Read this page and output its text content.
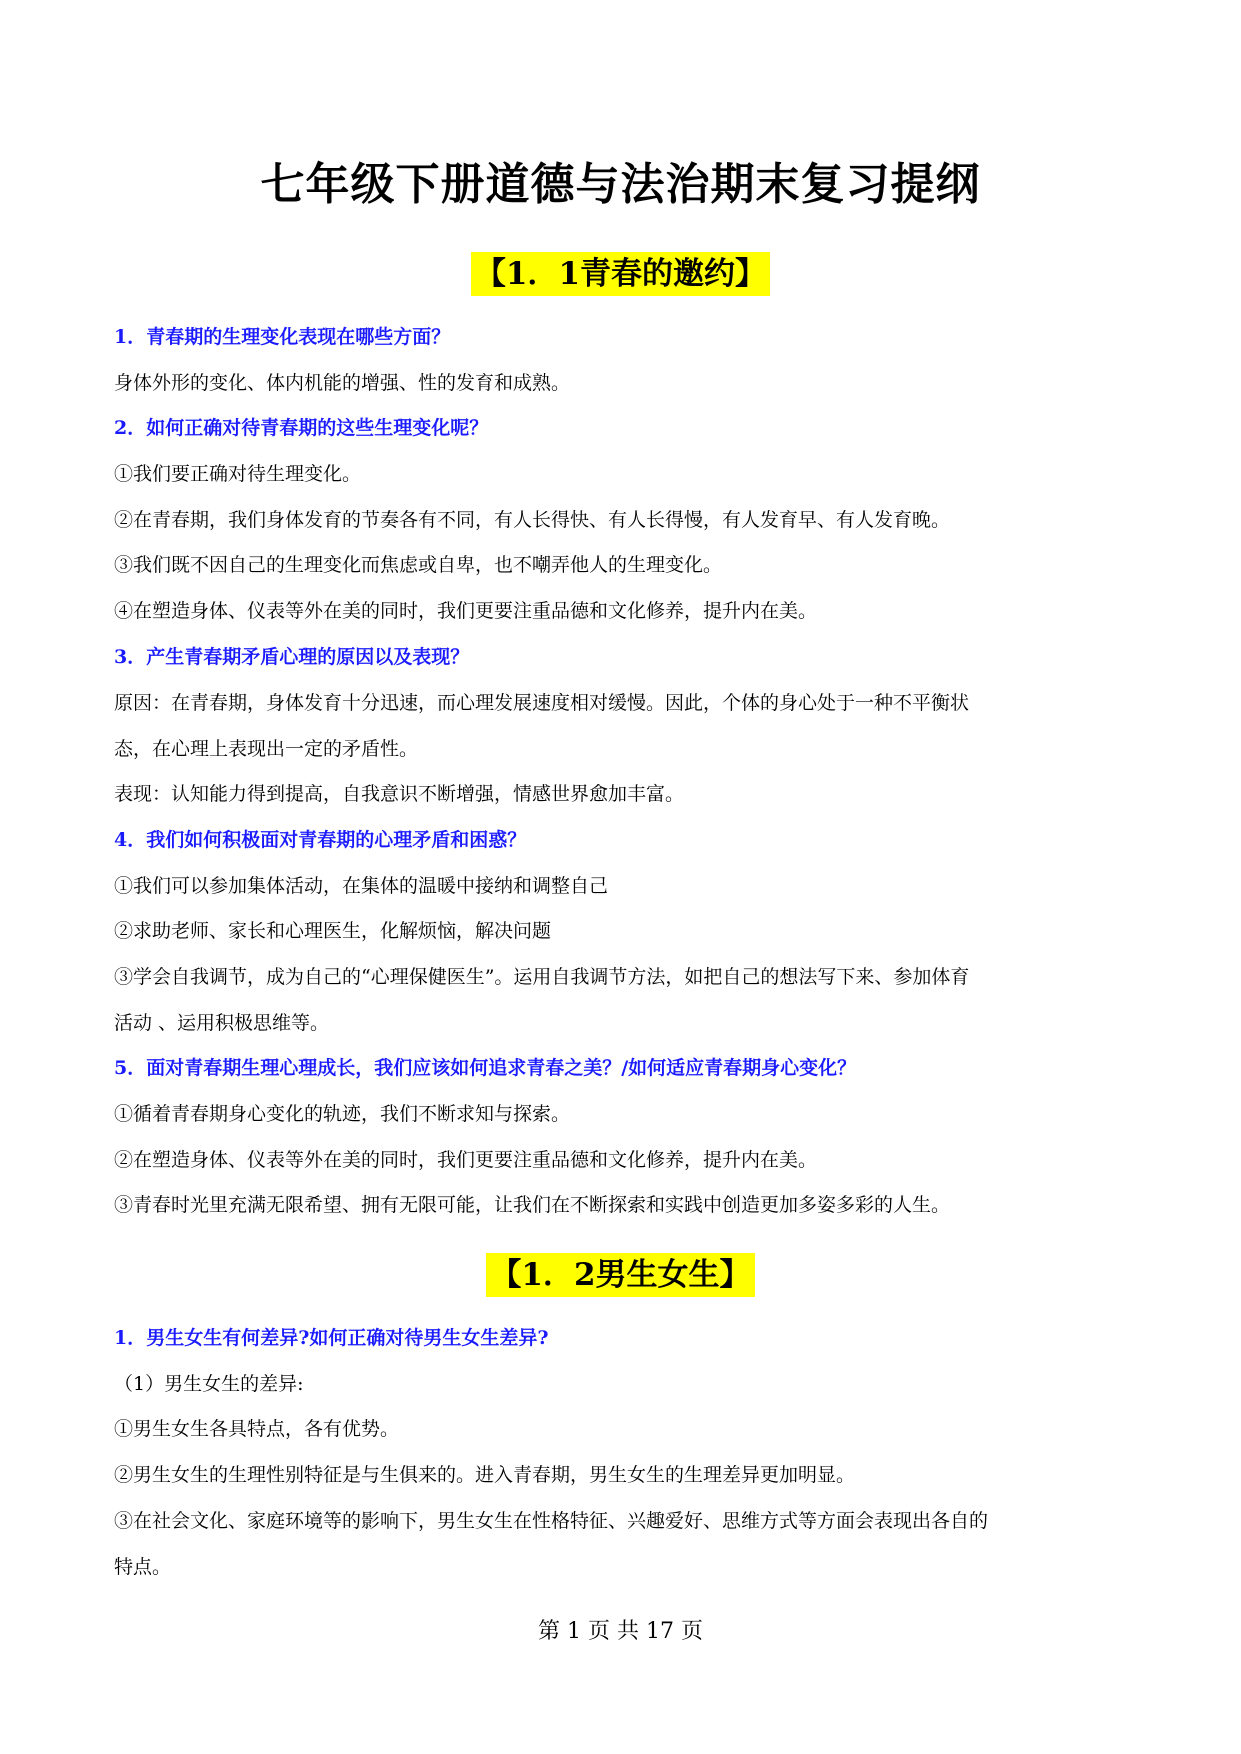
七年级下册道德与法治期末复习提纲
【1．1青春的邀约】
1．青春期的生理变化表现在哪些方面？
身体外形的变化、体内机能的增强、性的发育和成熟。
2．如何正确对待青春期的这些生理变化呢？
①我们要正确对待生理变化。
②在青春期，我们身体发育的节奏各有不同，有人长得快、有人长得慢，有人发育早、有人发育晚。
③我们既不因自己的生理变化而焦虑或自卑，也不嘲弄他人的生理变化。
④在塑造身体、仪表等外在美的同时，我们更要注重品德和文化修养，提升内在美。
3．产生青春期矛盾心理的原因以及表现？
原因：在青春期，身体发育十分迅速，而心理发展速度相对缓慢。因此，个体的身心处于一种不平衡状
态，在心理上表现出一定的矛盾性。
表现：认知能力得到提高，自我意识不断增强，情感世界愈加丰富。
4．我们如何积极面对青春期的心理矛盾和困惑？
①我们可以参加集体活动，在集体的温暖中接纳和调整自己
②求助老师、家长和心理医生，化解烦恼，解决问题
③学会自我调节，成为自己的“心理保健医生”。运用自我调节方法，如把自己的想法写下来、参加体育
活动 、运用积极思维等。
5．面对青春期生理心理成长，我们应该如何追求青春之美？/如何适应青春期身心变化？
①循着青春期身心变化的轨迹，我们不断求知与探索。
②在塑造身体、仪表等外在美的同时，我们更要注重品德和文化修养，提升内在美。
③青春时光里充满无限希望、拥有无限可能，让我们在不断探索和实践中创造更加多姿多彩的人生。
【1．2男生女生】
1．男生女生有何差异?如何正确对待男生女生差异?
（1）男生女生的差异:
①男生女生各具特点，各有优势。
②男生女生的生理性别特征是与生俱来的。进入青春期，男生女生的生理差异更加明显。
③在社会文化、家庭环境等的影响下，男生女生在性格特征、兴趣爱好、思维方式等方面会表现出各自的
特点。
第 1 页 共 17 页
